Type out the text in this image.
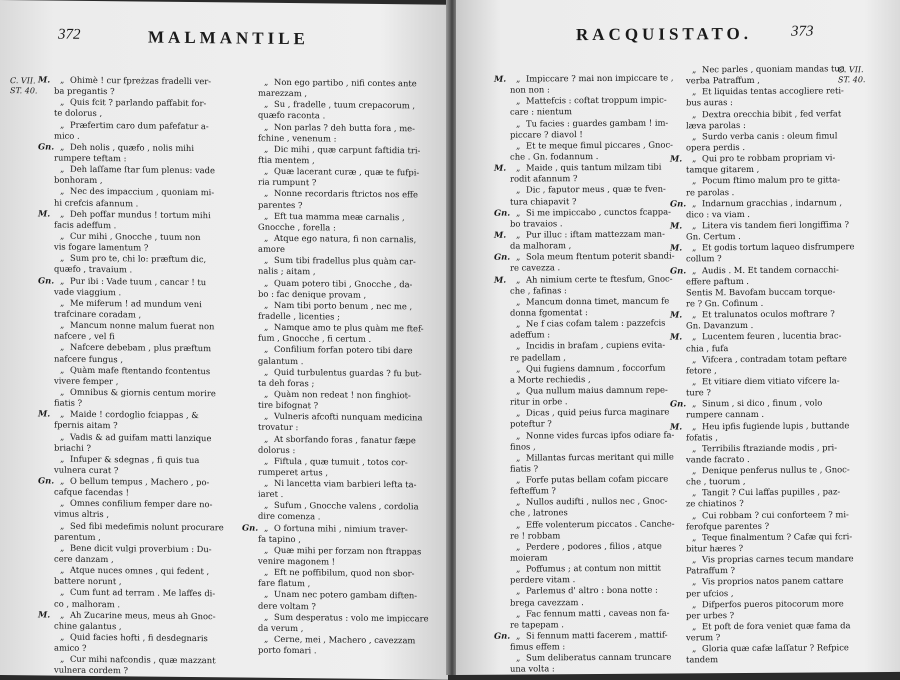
372	MALMANTILE
C. VII.
ST. 40.
M. „ Ohimè ! cur fpreżzas fradelli ver-
ba pregantis ?
„ Quis fcit ? parlando paffabit for-
te dolorus ,
„ Præfertim caro dum pafefatur a-
mico .
Gn. „ Deh nolis , quæfo , nolis mihi
rumpere teftam :
„ Deh laſſame ſtar ſum plenus: vade
bonhoram ,
„ Nec des impaccium , quoniam mi-
hi crefcis afannum .
M. „ Deh poffar mundus ! tortum mihi
facis adeffum .
„ Cur mihi , Gnocche , tuum non
vis fogare lamentum ?
„ Sum pro te, chi lo: præftum dic,
quæfo , travaium .
Gn. „ Pur ibi : Vade tuum , cancar ! tu
vade viaggium .
„ Me miferum ! ad mundum veni
trafcinare coradam ,
„ Mancum nonne malum fuerat non
nafcere , vel fi
„ Nafcere debebam , plus præftum
nafcere fungus ,
„ Quàm mafe ftentando fcontentus
vivere femper ,
„ Omnibus & giornis centum morire
fiatis ?
M. „ Maide ! cordoglio fciappas , &
fpernis aitam ?
„ Vadis & ad guifam matti lanzique
briachi ?
„ Infuper & sdegnas , fi quis tua
vulnera curat ?
Gn. „ O bellum tempus , Machero , po-
cafque facendas !
„ Omnes confilium femper dare no-
vimus altris ,
„ Sed fibi medefimis nolunt procurare
parentum ,
„ Bene dicit vulgi proverbium : Du-
cere danzam ,
„ Atque nuces omnes , qui fedent ,
battere norunt ,
„ Cum funt ad terram . Me laffes di-
co , malhoram .
M. „ Ah Zucarine meus, meus ah Gnoc-
chine galantus ,
„ Quid facies hofti , fi desdegnaris
amico ?
„ Cur mihi nafcondis , quæ mazzant
vulnera cordem ?
„ Non ego partibo , nifi contes ante
marezzam ,
„ Su , fradelle , tuum crepacorum ,
quæfo raconta .
„ Non parlas ? deh butta fora , me-
fchine , venenum :
„ Dic mihi , quæ carpunt faftidia tri-
ftia mentem ,
„ Quæ lacerant curæ , quæ te fufpi-
ria rumpunt ?
„ Nonne recordaris ftrictos nos effe
parentes ?
„ Eft tua mamma meæ carnalis ,
Gnocche , forella :
„ Atque ego natura, fi non carnalis,
amore
„ Sum tibi fradellus plus quàm car-
nalis ; aitam ,
„ Quam potero tibi , Gnocche , da-
bo : fac denique provam ,
„ Nam tibi porto benum , nec me ,
fradelle , licenties ;
„ Namque amo te plus quàm me ftef-
fum , Gnocche , fi certum .
„ Confilium forfan potero tibi dare
galantum .
„ Quid turbulentus guardas ? fu but-
ta deh foras ;
„ Quàm non redeat ! non finghiot-
tire bifognat ?
„ Vulneris afcofti nunquam medicina
trovatur :
„ At sborfando foras , fanatur fæpe
dolorus :
„ Fiftula , quæ tumuit , totos cor-
rumperet artus ,
„ Ni lancetta viam barbieri lefta ta-
iaret .
„ Sufum , Gnocche valens , cordolia
dire comenza .
Gn. „ O fortuna mihi , nimium traver-
fa tapino ,
„ Quæ mihi per forzam non ftrappas
venire magonem !
„ Eft ne poffibilum, quod non sbor-
fare flatum ,
„ Unam nec potero gambam diften-
dere voltam ?
„ Sum desperatus : volo me impiccare
da verum ,
„ Cerne, mei , Machero , cavezzam
porto fomari .
RACQUISTATO.	373
C. VII.
ST. 40.
M. „ Impiccare ? mai non impiccare te ,
non non :
„ Mattefcis : coftat troppum impic-
care : nientum
„ Tu facies : guardes gambam ! im-
piccare ? diavol !
„ Et te meque fimul piccares , Gnoc-
che . Gn. fodannum .
M. „ Maide , quis tantum milzam tibi
rodit afannum ?
„ Dic , faputor meus , quæ te fven-
tura chiapavit ?
Gn. „ Si me impiccabo , cunctos fcappa-
bo travaios .
M. „ Pur illuc : iftam mattezzam man-
da malhoram ,
Gn. „ Sola meum ftentum poterit sbandi-
re cavezza .
M. „ Ah nimium certe te ftesfum, Gnoc-
che , fafinas :
„ Mancum donna timet, mancum fe
donna fgomentat :
„ Ne f cias cofam talem : pazzefcis
adeffum :
„ Incidis in brafam , cupiens evita-
re padellam ,
„ Qui fugiens damnum , foccorfum
a Morte rechiedis ,
„ Qua nullum maius damnum repe-
ritur in orbe .
„ Dicas , quid peius furca maginare
poteftur ?
„ Nonne vides furcas ipfos odiare fa-
finos ,
„ Millantas furcas meritant qui mille
fiatis ?
„ Forfe putas bellam cofam piccare
fefteffum ?
„ Nullos audifti , nullos nec , Gnoc-
che , latrones
„ Effe volenterum piccatos . Canche-
re ! robbam
„ Perdere , podores , filios , atque
moieram
„ Poffumus ; at contum non mittit
perdere vitam .
„ Parlemus d' altro : bona notte :
brega cavezzam .
„ Fac fennum matti , caveas non fa-
re tapepam .
Gn. „ Si fennum matti facerem , mattif-
fimus effem :
„ Sum deliberatus cannam truncare
una volta :
„ Nec parles , quoniam mandas tua
verba Patraffum ,
„ Et liquidas tentas accogliere reti-
bus auras :
„ Dextra orecchia bibit , fed verfat
læva parolas :
„ Surdo verba canis : oleum fimul
opera perdis .
M. „ Qui pro te robbam propriam vi-
tamque gitarem ,
„ Pocum ftimo malum pro te gitta-
re parolas .
Gn. „ Indarnum gracchias , indarnum ,
dico : va viam .
M. „ Litera vis tandem fieri longiffima ?
Gn. Certum .
M. „ Et godis tortum laqueo disfrumpere
collum ?
Gn. „ Audis . M. Et tandem cornacchi-
effere paftum .
Sentis M. Bavofam buccam torque-
re ? Gn. Cofinum .
M. „ Et tralunatos oculos moftrare ?
Gn. Davanzum .
M. „ Lucentem feuren , lucentia brac-
chia , fufa
„ Vifcera , contradam totam peftare
fetore ,
„ Et vitiare diem vitiato vifcere la-
ture ?
Gn. „ Sinum , si dico , finum , volo
rumpere cannam .
M. „ Heu ipfis fugiende lupis , buttande
fofatis ,
„ Terribilis ftraziande modis , pri-
vande facrato .
„ Denique penferus nullus te , Gnoc-
che , tuorum ,
„ Tangit ? Cui laffas pupilles , paz-
ze chiatinos ?
„ Cui robbam ? cui conforteem ? mi-
ferofque parentes ?
„ Teque finalmentum ? Cafæ qui fcri-
bitur hæres ?
„ Vis proprias carnes tecum mandare
Patraffum ?
„ Vis proprios natos panem cattare
per ufcios ,
„ Difperfos pueros pitocorum more
per urbes ?
„ Et poft de fora veniet quæ fama da
verum ?
„ Gloria quæ cafæ laſſatur ? Refpice
tandem
